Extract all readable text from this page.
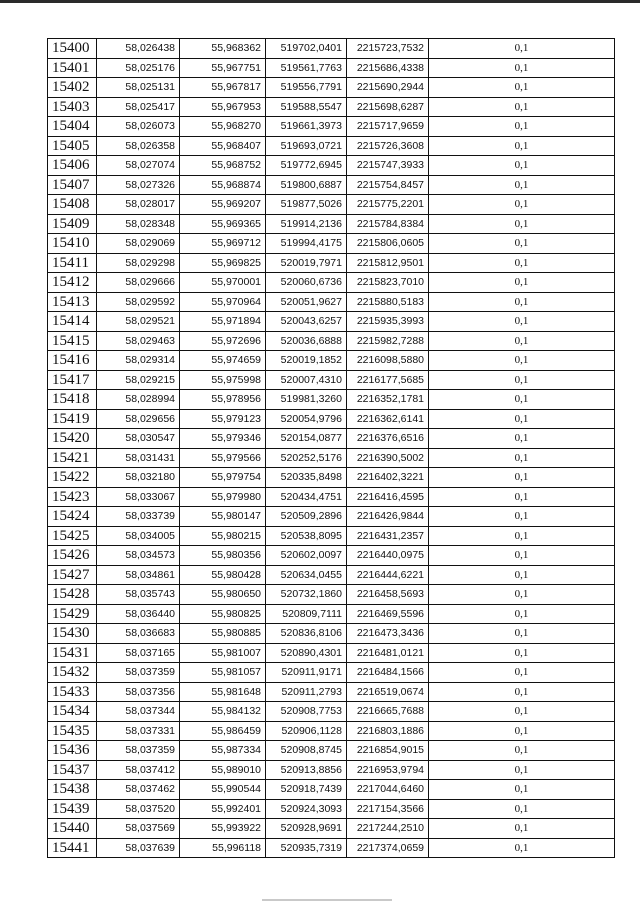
15400	58,026438	55,968362	519702,0401	2215723,7532	0,1
15401	58,025176	55,967751	519561,7763	2215686,4338	0,1
15402	58,025131	55,967817	519556,7791	2215690,2944	0,1
15403	58,025417	55,967953	519588,5547	2215698,6287	0,1
15404	58,026073	55,968270	519661,3973	2215717,9659	0,1
15405	58,026358	55,968407	519693,0721	2215726,3608	0,1
15406	58,027074	55,968752	519772,6945	2215747,3933	0,1
15407	58,027326	55,968874	519800,6887	2215754,8457	0,1
15408	58,028017	55,969207	519877,5026	2215775,2201	0,1
15409	58,028348	55,969365	519914,2136	2215784,8384	0,1
15410	58,029069	55,969712	519994,4175	2215806,0605	0,1
15411	58,029298	55,969825	520019,7971	2215812,9501	0,1
15412	58,029666	55,970001	520060,6736	2215823,7010	0,1
15413	58,029592	55,970964	520051,9627	2215880,5183	0,1
15414	58,029521	55,971894	520043,6257	2215935,3993	0,1
15415	58,029463	55,972696	520036,6888	2215982,7288	0,1
15416	58,029314	55,974659	520019,1852	2216098,5880	0,1
15417	58,029215	55,975998	520007,4310	2216177,5685	0,1
15418	58,028994	55,978956	519981,3260	2216352,1781	0,1
15419	58,029656	55,979123	520054,9796	2216362,6141	0,1
15420	58,030547	55,979346	520154,0877	2216376,6516	0,1
15421	58,031431	55,979566	520252,5176	2216390,5002	0,1
15422	58,032180	55,979754	520335,8498	2216402,3221	0,1
15423	58,033067	55,979980	520434,4751	2216416,4595	0,1
15424	58,033739	55,980147	520509,2896	2216426,9844	0,1
15425	58,034005	55,980215	520538,8095	2216431,2357	0,1
15426	58,034573	55,980356	520602,0097	2216440,0975	0,1
15427	58,034861	55,980428	520634,0455	2216444,6221	0,1
15428	58,035743	55,980650	520732,1860	2216458,5693	0,1
15429	58,036440	55,980825	520809,7111	2216469,5596	0,1
15430	58,036683	55,980885	520836,8106	2216473,3436	0,1
15431	58,037165	55,981007	520890,4301	2216481,0121	0,1
15432	58,037359	55,981057	520911,9171	2216484,1566	0,1
15433	58,037356	55,981648	520911,2793	2216519,0674	0,1
15434	58,037344	55,984132	520908,7753	2216665,7688	0,1
15435	58,037331	55,986459	520906,1128	2216803,1886	0,1
15436	58,037359	55,987334	520908,8745	2216854,9015	0,1
15437	58,037412	55,989010	520913,8856	2216953,9794	0,1
15438	58,037462	55,990544	520918,7439	2217044,6460	0,1
15439	58,037520	55,992401	520924,3093	2217154,3566	0,1
15440	58,037569	55,993922	520928,9691	2217244,2510	0,1
15441	58,037639	55,996118	520935,7319	2217374,0659	0,1
